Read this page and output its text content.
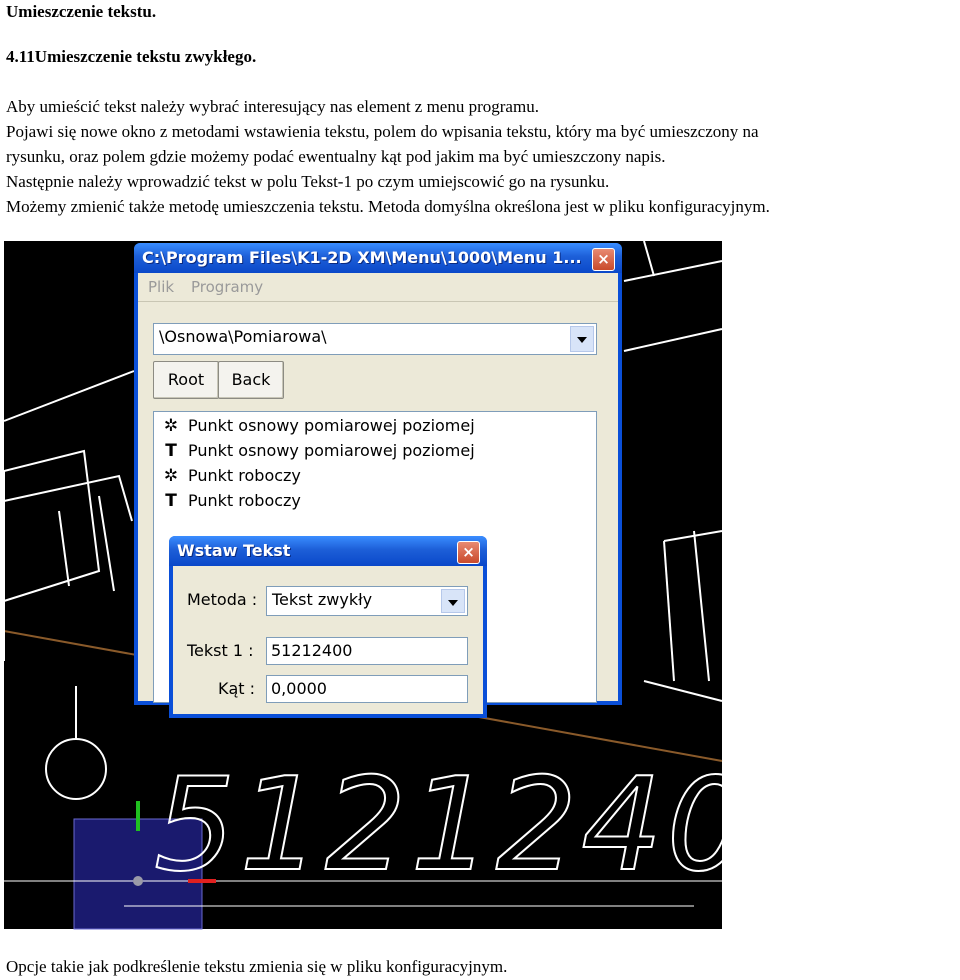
Umieszczenie tekstu.
4.11Umieszczenie tekstu zwykłego.
Aby umieścić tekst należy wybrać interesujący nas element z menu programu.
Pojawi się nowe okno z metodami wstawienia tekstu, polem do wpisania tekstu, który ma być umieszczony na
rysunku, oraz polem gdzie możemy podać ewentualny kąt pod jakim ma być umieszczony napis.
Następnie należy wprowadzić tekst w polu Tekst-1 po czym umiejscowić go na rysunku.
Możemy zmienić także metodę umieszczenia tekstu. Metoda domyślna określona jest w pliku konfiguracyjnym.
51212400
C:\Program Files\K1-2D XM\Menu\1000\Menu 1...	×
Plik Programy
\Osnowa\Pomiarowa\
Root	Back
✲ Punkt osnowy pomiarowej poziomej
T Punkt osnowy pomiarowej poziomej
✲ Punkt roboczy
T Punkt roboczy
Wstaw Tekst	×
Metoda : Tekst zwykły
Tekst 1 : 51212400
Kąt : 0,0000
Opcje takie jak podkreślenie tekstu zmienia się w pliku konfiguracyjnym.
